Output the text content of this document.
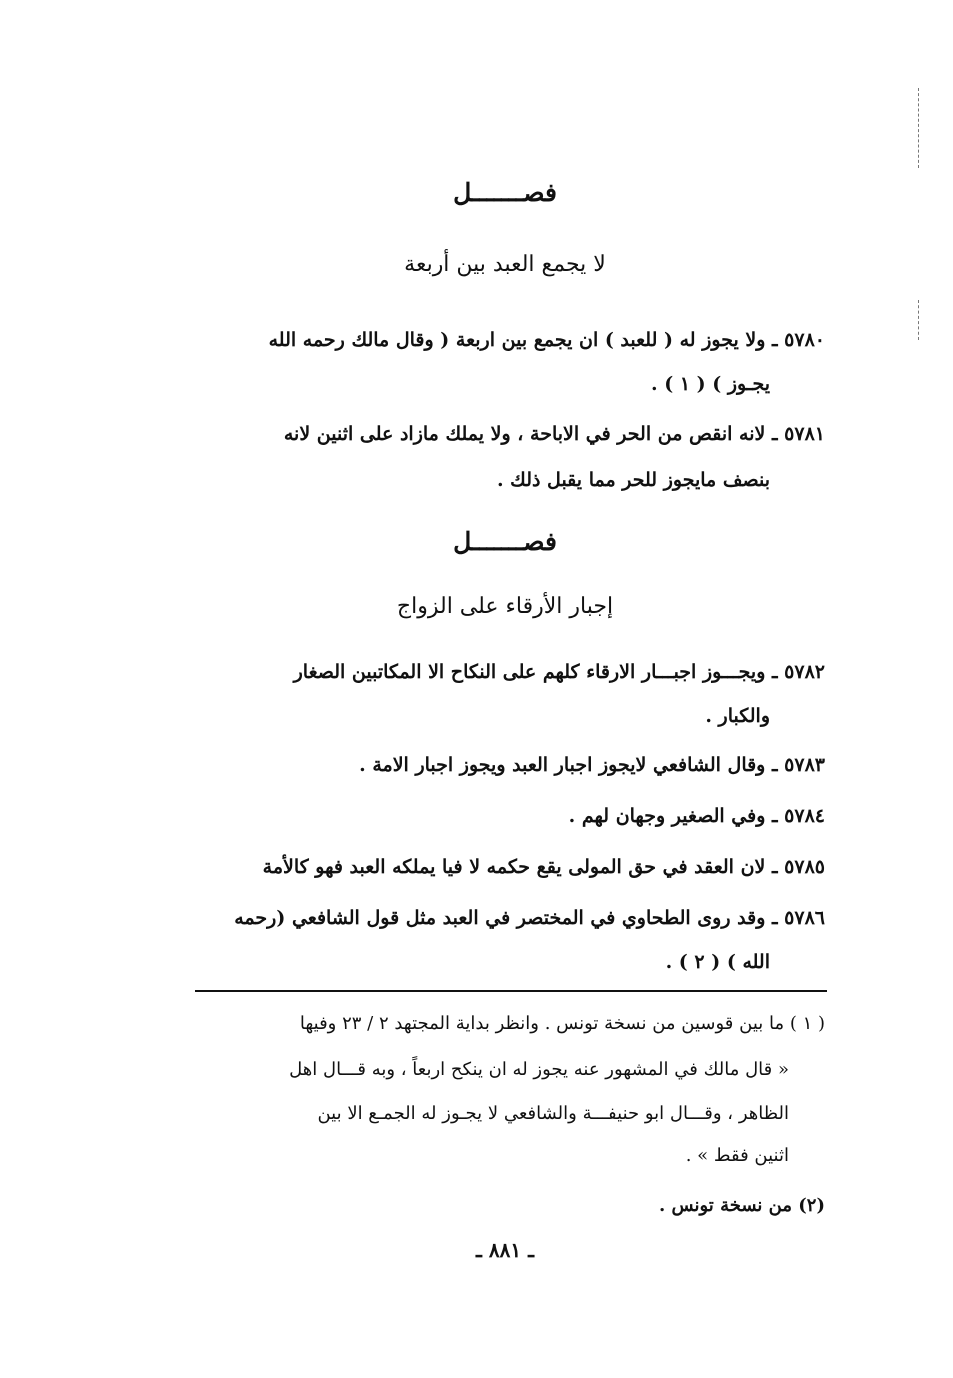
فصـــــــل
لا يجمع العبد بين أربعة
٥٧٨٠ ـ ولا يجوز له ( للعبد ) ان يجمع بين اربعة ( وقال مالك رحمه الله
يجـوز ) ( ١ ) .
٥٧٨١ ـ لانه انقص من الحر في الاباحة ، ولا يملك مازاد على اثنين لانه
بنصف مايجوز للحر مما يقبل ذلك .
فصـــــــل
إجبار الأرقاء على الزواج
٥٧٨٢ ـ ويجـــوز اجبـــار الارقاء كلهم على النكاح الا المكاتبين الصغار
والكبار .
٥٧٨٣ ـ وقال الشافعي لايجوز اجبار العبد ويجوز اجبار الامة .
٥٧٨٤ ـ وفي الصغير وجهان لهم .
٥٧٨٥ ـ لان العقد في حق المولى يقع حكمه لا فيا يملكه العبد فهو كالأمة
٥٧٨٦ ـ وقد روى الطحاوي في المختصر في العبد مثل قول الشافعي (رحمه
الله ) ( ٢ ) .
( ١ ) ما بين قوسين من نسخة تونس . وانظر بداية المجتهد ٢ / ٢٣ وفيها
« قال مالك في المشهور عنه يجوز له ان ينكح اربعاً ، وبه قـــال اهل
الظاهر ، وقـــال ابو حنيفـــة والشافعي لا يجـوز له الجمـع الا بين
اثنين فقط » .
(٢) من نسخة تونس .
ـ ٨٨١ ـ
